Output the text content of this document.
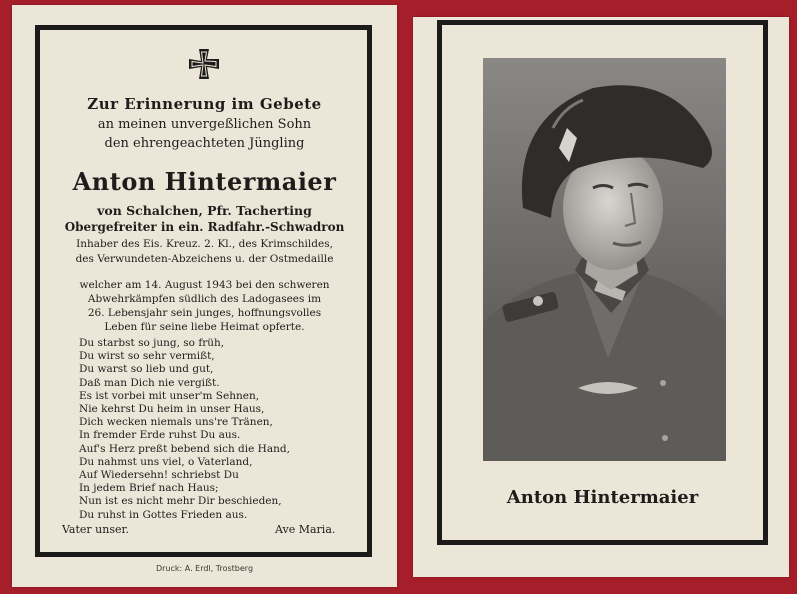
Zur Erinnerung im Gebete
an meinen unvergeßlichen Sohn
den ehrengeachteten Jüngling
Anton Hintermaier
von Schalchen, Pfr. Tacherting
Obergefreiter in ein. Radfahr.-Schwadron
Inhaber des Eis. Kreuz. 2. Kl., des Krimschildes,
des Verwundeten-Abzeichens u. der Ostmedaille
welcher am 14. August 1943 bei den schweren
Abwehrkämpfen südlich des Ladogasees im
26. Lebensjahr sein junges, hoffnungsvolles
Leben für seine liebe Heimat opferte.
Du starbst so jung, so früh,
Du wirst so sehr vermißt,
Du warst so lieb und gut,
Daß man Dich nie vergißt.
Es ist vorbei mit unser'm Sehnen,
Nie kehrst Du heim in unser Haus,
Dich wecken niemals uns're Tränen,
In fremder Erde ruhst Du aus.
Auf's Herz preßt bebend sich die Hand,
Du nahmst uns viel, o Vaterland,
Auf Wiedersehn! schriebst Du
In jedem Brief nach Haus;
Nun ist es nicht mehr Dir beschieden,
Du ruhst in Gottes Frieden aus.
Vater unser.	Ave Maria.
Druck: A. Erdl, Trostberg
Anton Hintermaier
